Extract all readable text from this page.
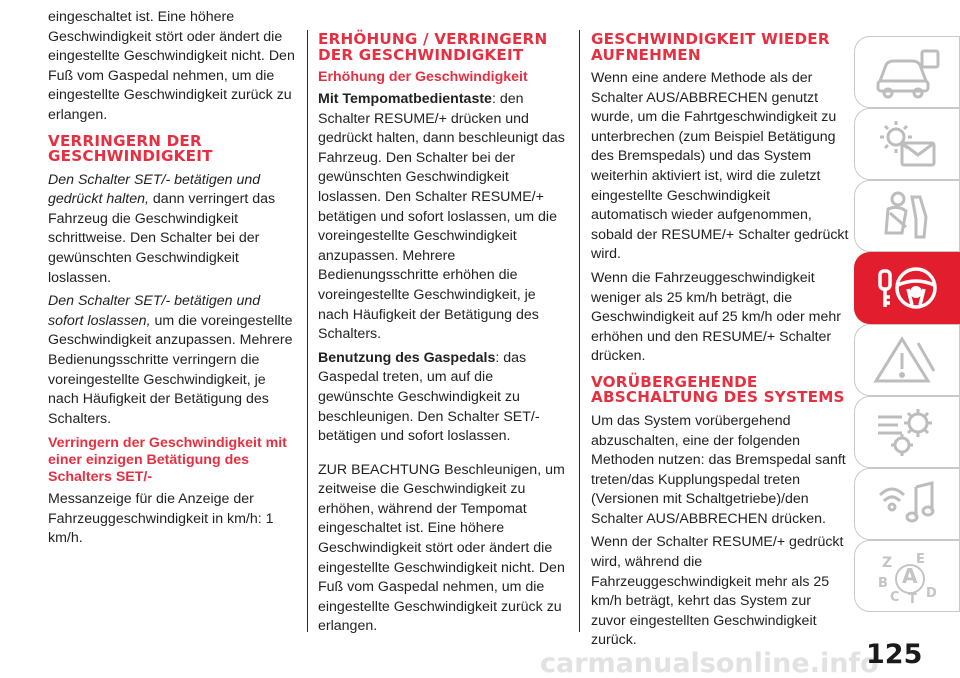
eingeschaltet ist. Eine höhere Geschwindigkeit stört oder ändert die eingestellte Geschwindigkeit nicht. Den Fuß vom Gaspedal nehmen, um die eingestellte Geschwindigkeit zurück zu erlangen.

VERRINGERN DER GESCHWINDIGKEIT

Den Schalter SET/- betätigen und gedrückt halten, dann verringert das Fahrzeug die Geschwindigkeit schrittweise. Den Schalter bei der gewünschten Geschwindigkeit loslassen.

Den Schalter SET/- betätigen und sofort loslassen, um die voreingestellte Geschwindigkeit anzupassen. Mehrere Bedienungsschritte verringern die voreingestellte Geschwindigkeit, je nach Häufigkeit der Betätigung des Schalters.

Verringern der Geschwindigkeit mit einer einzigen Betätigung des Schalters SET/-

Messanzeige für die Anzeige der Fahrzeuggeschwindigkeit in km/h: 1 km/h.

ERHÖHUNG / VERRINGERN DER GESCHWINDIGKEIT
Erhöhung der Geschwindigkeit

Mit Tempomatbedientaste: den Schalter RESUME/+ drücken und gedrückt halten, dann beschleunigt das Fahrzeug. Den Schalter bei der gewünschten Geschwindigkeit loslassen. Den Schalter RESUME/+ betätigen und sofort loslassen, um die voreingestellte Geschwindigkeit anzupassen. Mehrere Bedienungsschritte erhöhen die voreingestellte Geschwindigkeit, je nach Häufigkeit der Betätigung des Schalters.

Benutzung des Gaspedals: das Gaspedal treten, um auf die gewünschte Geschwindigkeit zu beschleunigen. Den Schalter SET/- betätigen und sofort loslassen.

ZUR BEACHTUNG Beschleunigen, um zeitweise die Geschwindigkeit zu erhöhen, während der Tempomat eingeschaltet ist. Eine höhere Geschwindigkeit stört oder ändert die eingestellte Geschwindigkeit nicht. Den Fuß vom Gaspedal nehmen, um die eingestellte Geschwindigkeit zurück zu erlangen.

GESCHWINDIGKEIT WIEDER AUFNEHMEN

Wenn eine andere Methode als der Schalter AUS/ABBRECHEN genutzt wurde, um die Fahrtgeschwindigkeit zu unterbrechen (zum Beispiel Betätigung des Bremspedals) und das System weiterhin aktiviert ist, wird die zuletzt eingestellte Geschwindigkeit automatisch wieder aufgenommen, sobald der RESUME/+ Schalter gedrückt wird.

Wenn die Fahrzeuggeschwindigkeit weniger als 25 km/h beträgt, die Geschwindigkeit auf 25 km/h oder mehr erhöhen und den RESUME/+ Schalter drücken.

VORÜBERGEHENDE ABSCHALTUNG DES SYSTEMS

Um das System vorübergehend abzuschalten, eine der folgenden Methoden nutzen: das Bremspedal sanft treten/das Kupplungspedal treten (Versionen mit Schaltgetriebe)/den Schalter AUS/ABBRECHEN drücken.

Wenn der Schalter RESUME/+ gedrückt wird, während die Fahrzeuggeschwindigkeit mehr als 25 km/h beträgt, kehrt das System zur zuvor eingestellten Geschwindigkeit zurück.

Z E
B A
C T D
carmanualsonline.info
125
